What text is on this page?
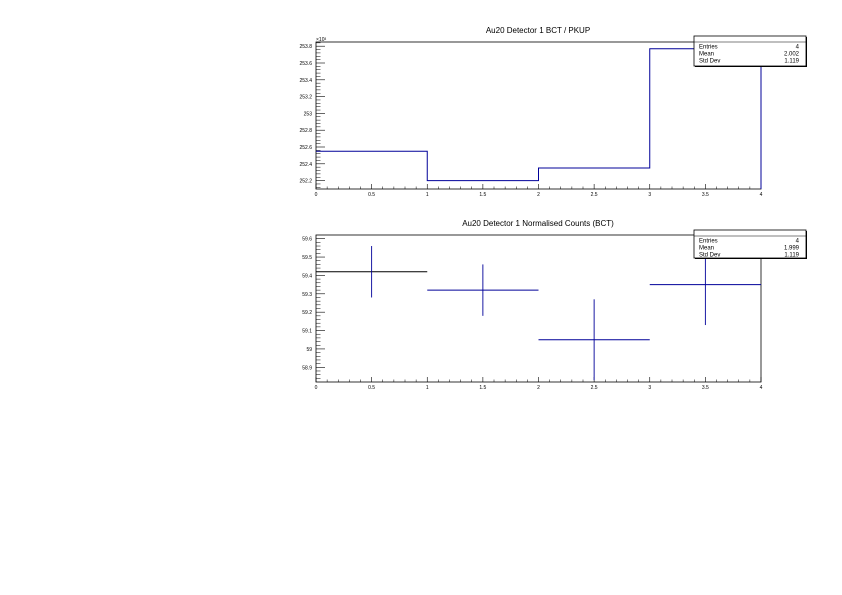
Au20 Detector 1 BCT / PKUP
×10³
0	0.5	1	1.5	2	2.5	3	3.5	4
252.2
252.4
252.6
252.8
253
253.2
253.4
253.6
253.8	Entries	4
Mean	2.002
Std Dev	1.119
Au20 Detector 1 Normalised Counts (BCT)
0	0.5	1	1.5	2	2.5	3	3.5	4
58.9
59
59.1
59.2
59.3
59.4
59.5
59.6	Entries	4
Mean	1.999
Std Dev	1.119
